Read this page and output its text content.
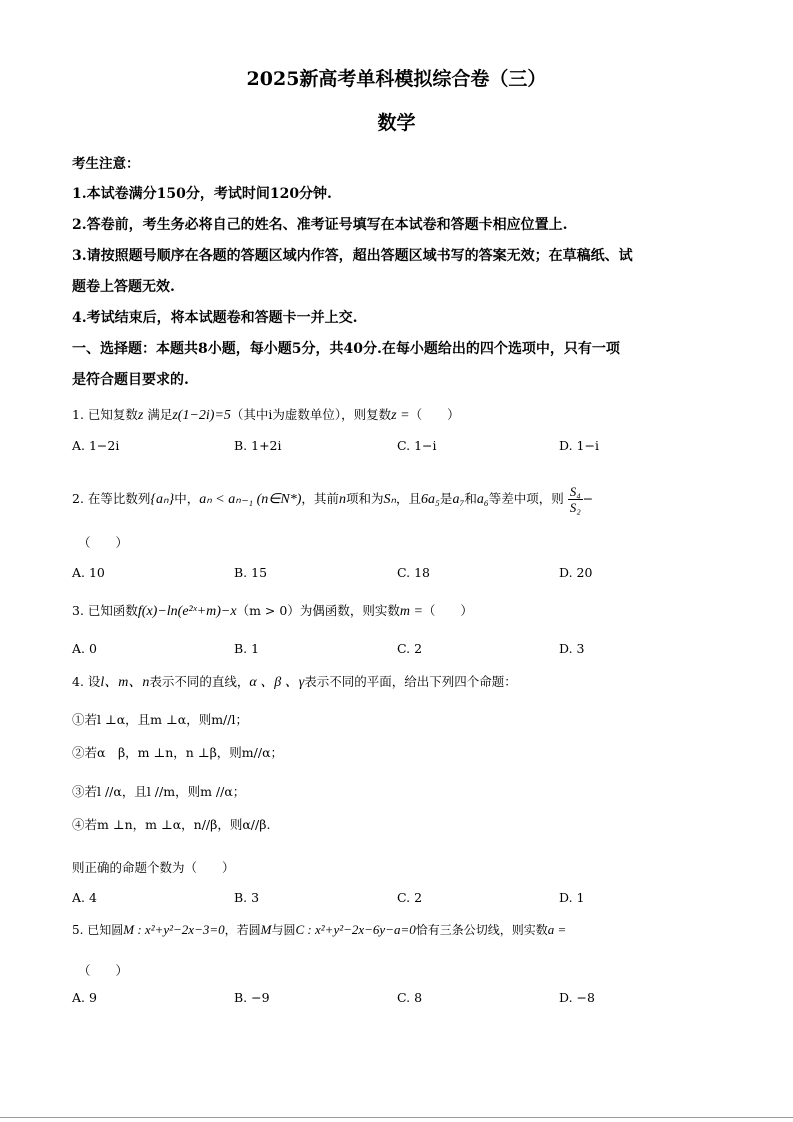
2025新高考单科模拟综合卷（三）
数学
考生注意：
1.本试卷满分150分，考试时间120分钟.
2.答卷前，考生务必将自己的姓名、准考证号填写在本试卷和答题卡相应位置上.
3.请按照题号顺序在各题的答题区域内作答，超出答题区域书写的答案无效；在草稿纸、试
题卷上答题无效.
4.考试结束后，将本试题卷和答题卡一并上交.
一、选择题：本题共8小题，每小题5分，共40分.在每小题给出的四个选项中，只有一项
是符合题目要求的.
1. 已知复数z 满足z(1−2i)=5（其中i为虚数单位），则复数z =（　　）
A. 1−2i	B. 1+2i	C. 1−i	D. 1−i
2. 在等比数列{aₙ}中，aₙ < aₙ₋₁ (n∈N*)，其前n项和为Sₙ，且6a₅是a₇和a₆等差中项，则 $\frac{\text{S₄}}{\text{S₂}}$ −
（　　）
A. 10	B. 15	C. 18	D. 20
3. 已知函数f(x)−ln(e²ˣ+m)−x（m > 0）为偶函数，则实数m =（　　）
A. 0	B. 1	C. 2	D. 3
4. 设l、m、n表示不同的直线，α 、β 、γ表示不同的平面，给出下列四个命题：
①若l ⊥α，且m ⊥α，则m//l；
②若α　β，m ⊥n，n ⊥β，则m//α；
③若l //α，且l //m，则m //α；
④若m ⊥n，m ⊥α，n//β，则α//β.
则正确的命题个数为（　　）
A. 4	B. 3	C. 2	D. 1
5. 已知圆M : x²+y²−2x−3=0，若圆M与圆C : x²+y²−2x−6y−a=0恰有三条公切线，则实数a =
（　　）
A. 9	B. −9	C. 8	D. −8
